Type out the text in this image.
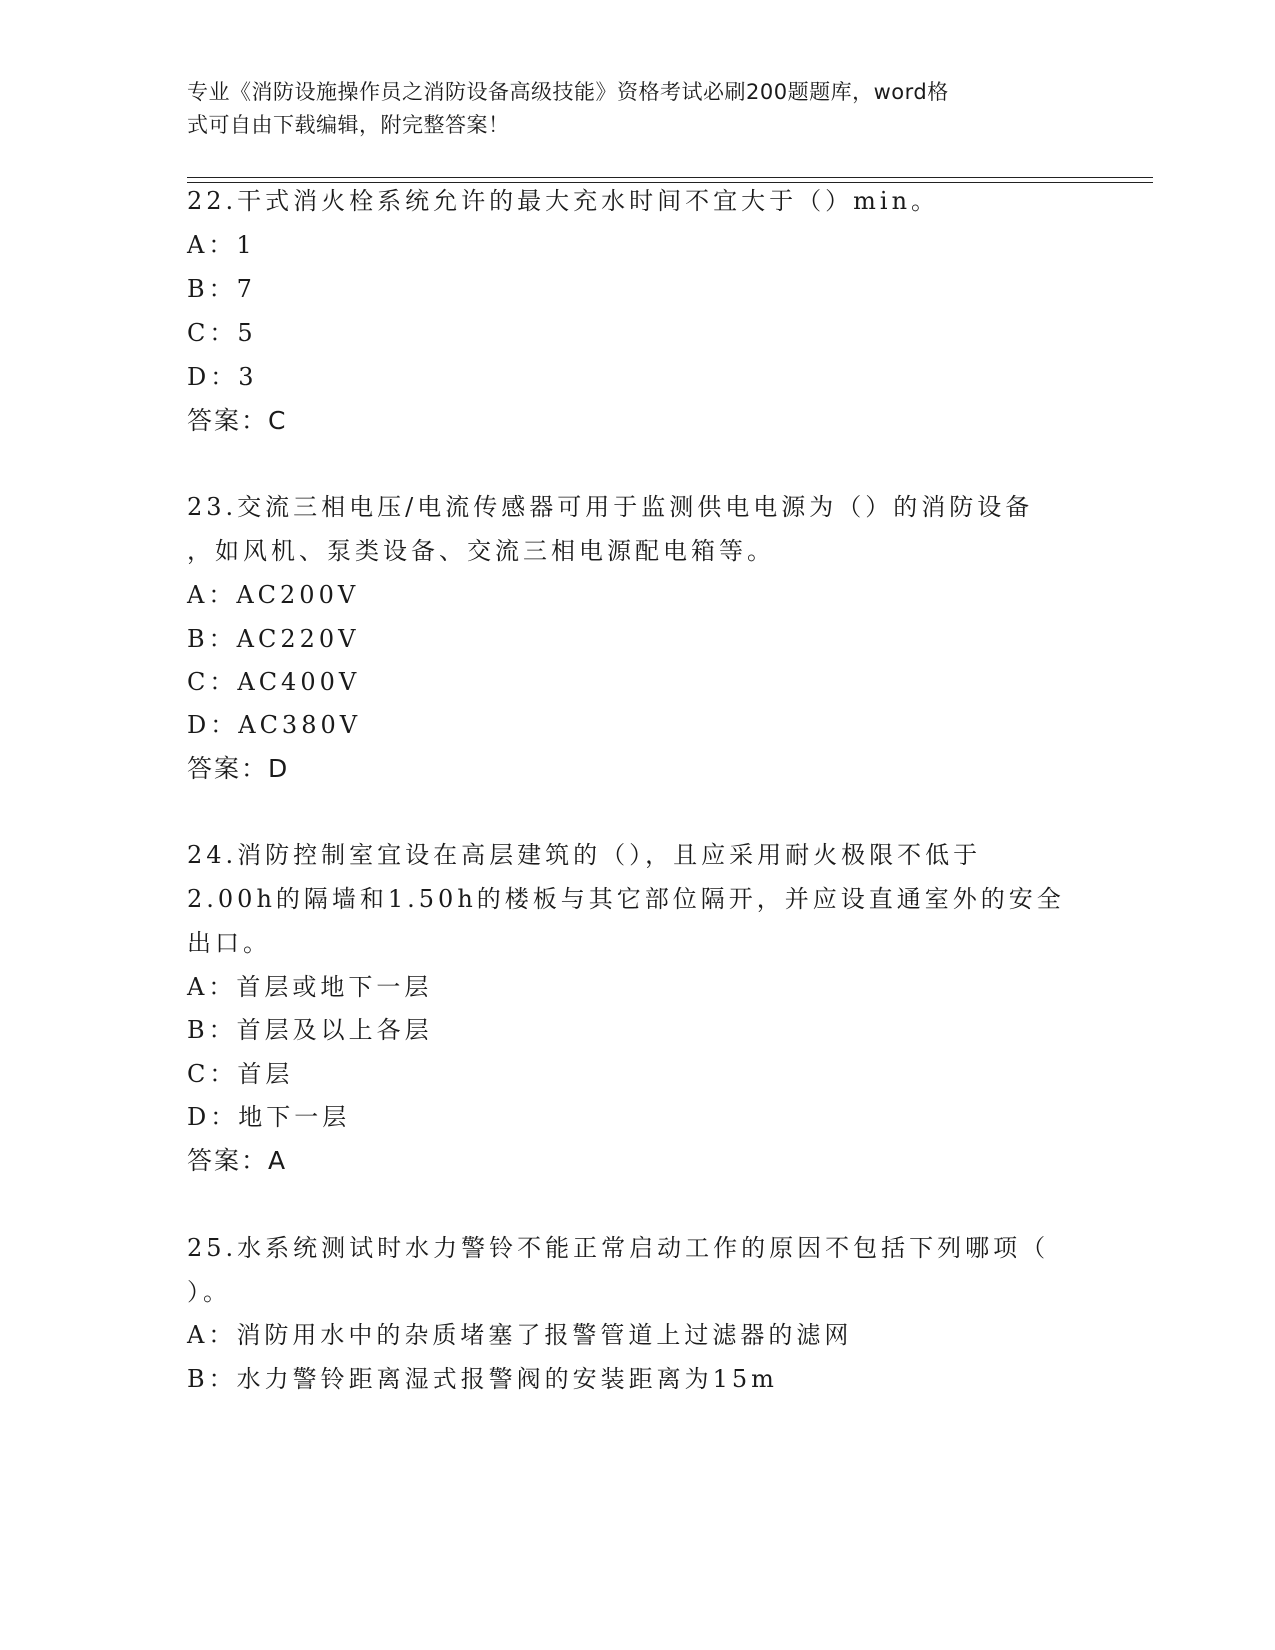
专业《消防设施操作员之消防设备高级技能》资格考试必刷200题题库，word格
式可自由下载编辑，附完整答案！
22.干式消火栓系统允许的最大充水时间不宜大于（）min。
A：1
B：7
C：5
D：3
答案：C
23.交流三相电压/电流传感器可用于监测供电电源为（）的消防设备
，如风机、泵类设备、交流三相电源配电箱等。
A：AC200V
B：AC220V
C：AC400V
D：AC380V
答案：D
24.消防控制室宜设在高层建筑的（），且应采用耐火极限不低于
2.00h的隔墙和1.50h的楼板与其它部位隔开，并应设直通室外的安全
出口。
A：首层或地下一层
B：首层及以上各层
C：首层
D：地下一层
答案：A
25.水系统测试时水力警铃不能正常启动工作的原因不包括下列哪项（
）。
A：消防用水中的杂质堵塞了报警管道上过滤器的滤网
B：水力警铃距离湿式报警阀的安装距离为15m
